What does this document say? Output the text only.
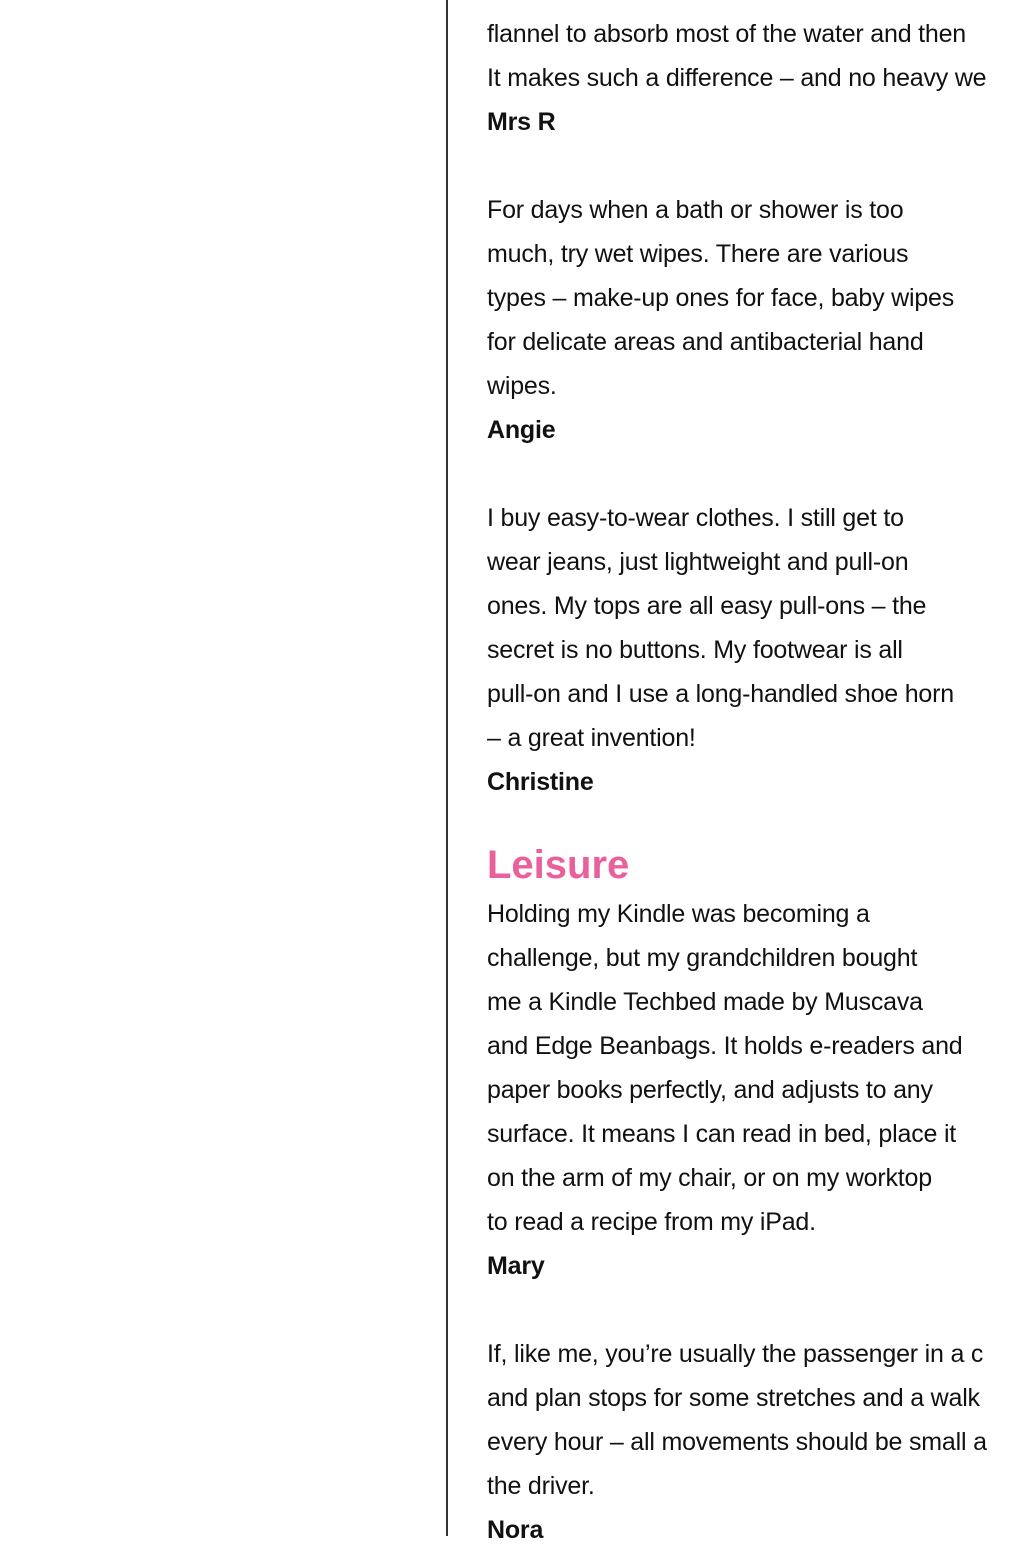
flannel to absorb most of the water and then
It makes such a difference – and no heavy we
Mrs R
For days when a bath or shower is too
much, try wet wipes. There are various
types – make-up ones for face, baby wipes
for delicate areas and antibacterial hand
wipes.
Angie
I buy easy-to-wear clothes. I still get to
wear jeans, just lightweight and pull-on
ones. My tops are all easy pull-ons – the
secret is no buttons. My footwear is all
pull-on and I use a long-handled shoe horn
– a great invention!
Christine
Leisure
Holding my Kindle was becoming a
challenge, but my grandchildren bought
me a Kindle Techbed made by Muscava
and Edge Beanbags. It holds e-readers and
paper books perfectly, and adjusts to any
surface. It means I can read in bed, place it
on the arm of my chair, or on my worktop
to read a recipe from my iPad.
Mary
If, like me, you’re usually the passenger in a c
and plan stops for some stretches and a walk
every hour – all movements should be small a
the driver.
Nora
